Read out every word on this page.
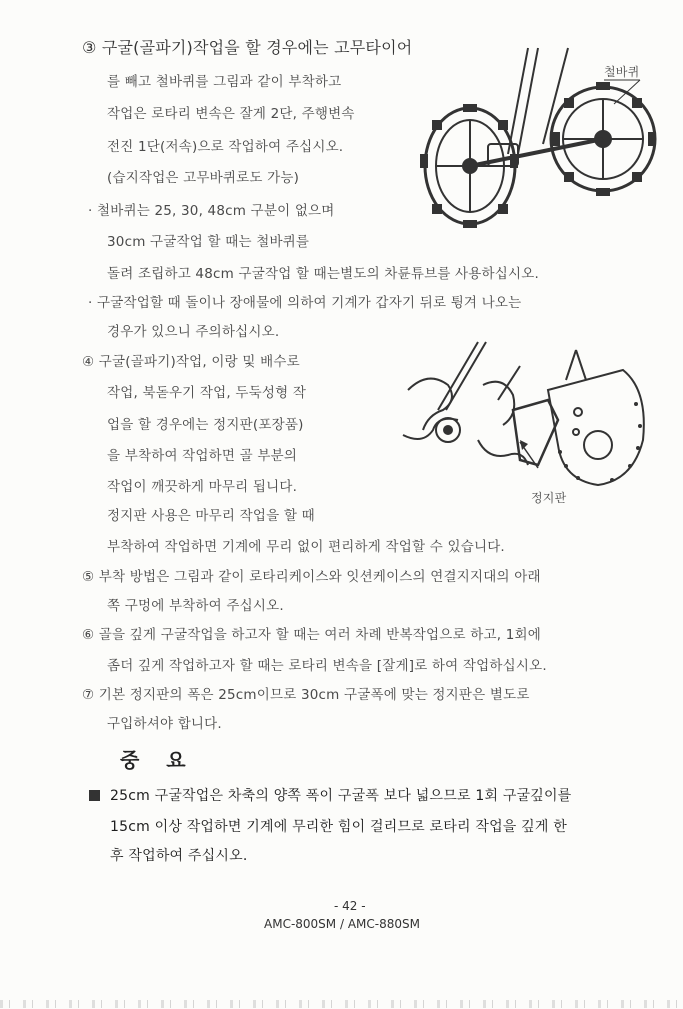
③ 구굴(골파기)작업을 할 경우에는 고무타이어
를 빼고 철바퀴를 그림과 같이 부착하고
작업은 로타리 변속은 잘게 2단, 주행변속
전진 1단(저속)으로 작업하여 주십시오.
(습지작업은 고무바퀴로도 가능)
· 철바퀴는 25, 30, 48cm 구분이 없으며
30cm 구굴작업 할 때는 철바퀴를
돌려 조립하고 48cm 구굴작업 할 때는별도의 차륜튜브를 사용하십시오.
· 구굴작업할 때 돌이나 장애물에 의하여 기계가 갑자기 뒤로 튕겨 나오는
경우가 있으니 주의하십시오.
철바퀴
④ 구굴(골파기)작업, 이랑 및 배수로
작업, 북돋우기 작업, 두둑성형 작
업을 할 경우에는 정지판(포장품)
을 부착하여 작업하면 골 부분의
작업이 깨끗하게 마무리 됩니다.
정지판 사용은 마무리 작업을 할 때
부착하여 작업하면 기계에 무리 없이 편리하게 작업할 수 있습니다.
정지판
⑤ 부착 방법은 그림과 같이 로타리케이스와 잇션케이스의 연결지지대의 아래
쪽 구멍에 부착하여 주십시오.
⑥ 골을 깊게 구굴작업을 하고자 할 때는 여러 차례 반복작업으로 하고, 1회에
좀더 깊게 작업하고자 할 때는 로타리 변속을 [잘게]로 하여 작업하십시오.
⑦ 기본 정지판의 폭은 25cm이므로 30cm 구굴폭에 맞는 정지판은 별도로
구입하셔야 합니다.
중 요
25cm 구굴작업은 차축의 양쪽 폭이 구굴폭 보다 넓으므로 1회 구굴깊이를
15cm 이상 작업하면 기계에 무리한 힘이 걸리므로 로타리 작업을 깊게 한
후 작업하여 주십시오.
- 42 -
AMC-800SM / AMC-880SM
